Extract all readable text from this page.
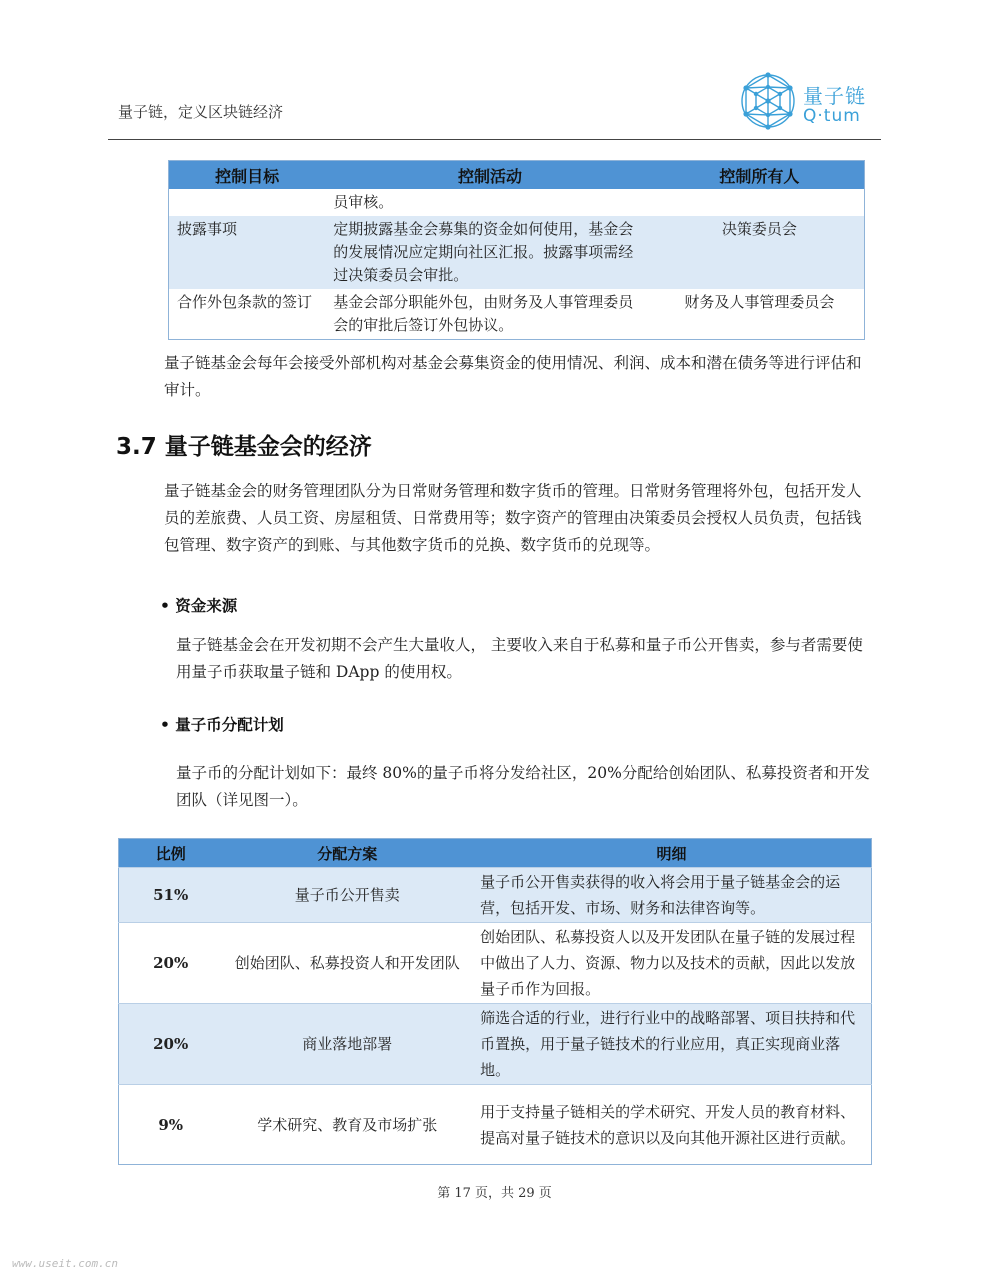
量子链，定义区块链经济
量子链
Q·tum
控制目标	控制活动	控制所有人
	员审核。	
披露事项	定期披露基金会募集的资金如何使用，基金会的发展情况应定期向社区汇报。披露事项需经过决策委员会审批。	决策委员会
合作外包条款的签订	基金会部分职能外包，由财务及人事管理委员会的审批后签订外包协议。	财务及人事管理委员会
量子链基金会每年会接受外部机构对基金会募集资金的使用情况、利润、成本和潜在债务等进行评估和审计。
3.7 量子链基金会的经济
量子链基金会的财务管理团队分为日常财务管理和数字货币的管理。日常财务管理将外包，包括开发人员的差旅费、人员工资、房屋租赁、日常费用等；数字资产的管理由决策委员会授权人员负责，包括钱包管理、数字资产的到账、与其他数字货币的兑换、数字货币的兑现等。
• 资金来源
量子链基金会在开发初期不会产生大量收人， 主要收入来自于私募和量子币公开售卖，参与者需要使用量子币获取量子链和 DApp 的使用权。
• 量子币分配计划
量子币的分配计划如下：最终 80%的量子币将分发给社区，20%分配给创始团队、私募投资者和开发团队（详见图一）。
比例	分配方案	明细
51%	量子币公开售卖	量子币公开售卖获得的收入将会用于量子链基金会的运营，包括开发、市场、财务和法律咨询等。
20%	创始团队、私募投资人和开发团队	创始团队、私募投资人以及开发团队在量子链的发展过程中做出了人力、资源、物力以及技术的贡献，因此以发放量子币作为回报。
20%	商业落地部署	筛选合适的行业，进行行业中的战略部署、项目扶持和代币置换，用于量子链技术的行业应用，真正实现商业落地。
9%	学术研究、教育及市场扩张	用于支持量子链相关的学术研究、开发人员的教育材料、提高对量子链技术的意识以及向其他开源社区进行贡献。
第 17 页，共 29 页
www.useit.com.cn
